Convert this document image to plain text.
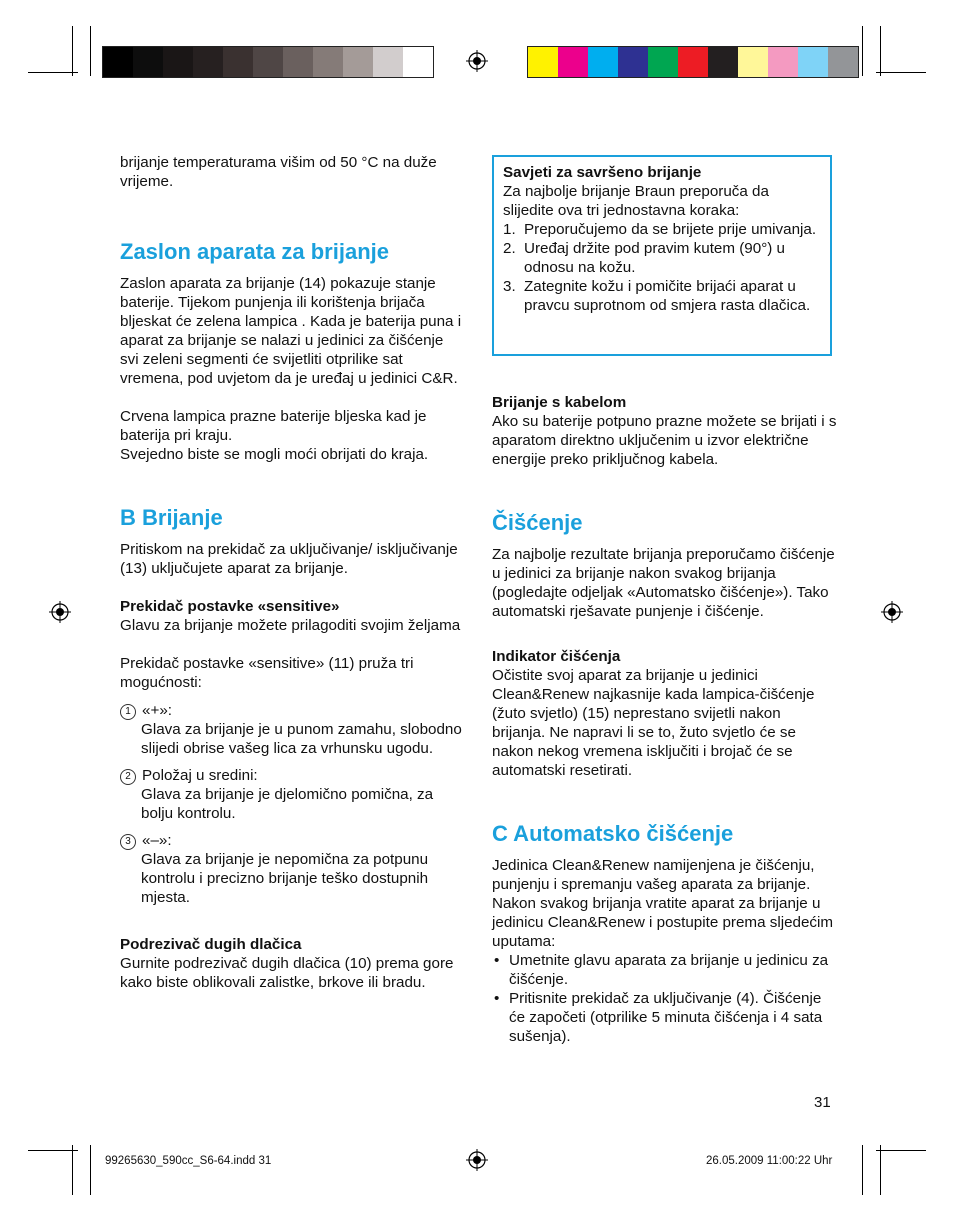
brijanje temperaturama višim od 50 °C na duže vrijeme.

Zaslon aparata za brijanje

Zaslon aparata za brijanje (14) pokazuje stanje baterije. Tijekom punjenja ili korištenja brijača bljeskat će zelena lampica . Kada je baterija puna i aparat za brijanje se nalazi u jedinici za čišćenje svi zeleni segmenti će svijetliti otprilike sat vremena, pod uvjetom da je uređaj u jedinici C&R.

Crvena lampica prazne baterije bljeska kad je baterija pri kraju.

Svejedno biste se mogli moći obrijati do kraja.

B Brijanje

Pritiskom na prekidač za uključivanje/ isključivanje (13) uključujete aparat za brijanje.

Prekidač postavke «sensitive»

Glavu za brijanje možete prilagoditi svojim željama

Prekidač postavke «sensitive» (11) pruža tri mogućnosti:

1 «+»:

Glava za brijanje je u punom zamahu, slobodno slijedi obrise vašeg lica za vrhunsku ugodu.

2 Položaj u sredini:

Glava za brijanje je djelomično pomična, za bolju kontrolu.

3 «–»:

Glava za brijanje je nepomična za potpunu kontrolu i precizno brijanje teško dostupnih mjesta.

Podrezivač dugih dlačica

Gurnite podrezivač dugih dlačica (10) prema gore kako biste oblikovali zalistke, brkove ili bradu.

Savjeti za savršeno brijanje

Za najbolje brijanje Braun preporuča da slijedite ova tri jednostavna koraka:

1. Preporučujemo da se brijete prije umivanja.
2. Uređaj držite pod pravim kutem (90°) u odnosu na kožu.
3. Zategnite kožu i pomičite brijaći aparat u pravcu suprotnom od smjera rasta dlačica.

Brijanje s kabelom

Ako su baterije potpuno prazne možete se brijati i s aparatom direktno uključenim u izvor električne energije preko priključnog kabela.

Čišćenje

Za najbolje rezultate brijanja preporučamo čišćenje u jedinici za brijanje nakon svakog brijanja (pogledajte odjeljak «Automatsko čišćenje»). Tako automatski rješavate punjenje i čišćenje.

Indikator čišćenja

Očistite svoj aparat za brijanje u jedinici Clean&Renew najkasnije kada lampica-čišćenje (žuto svjetlo) (15) neprestano svijetli nakon brijanja. Ne napravi li se to, žuto svjetlo će se nakon nekog vremena isključiti i brojač će se automatski resetirati.

C Automatsko čišćenje

Jedinica Clean&Renew namijenjena je čišćenju, punjenju i spremanju vašeg aparata za brijanje.

Nakon svakog brijanja vratite aparat za brijanje u jedinicu Clean&Renew i postupite prema sljedećim uputama:

• Umetnite glavu aparata za brijanje u jedinicu za čišćenje.
• Pritisnite prekidač za uključivanje (4). Čišćenje će započeti (otprilike 5 minuta čišćenja i 4 sata sušenja).
31
99265630_590cc_S6-64.indd 31	26.05.2009 11:00:22 Uhr
